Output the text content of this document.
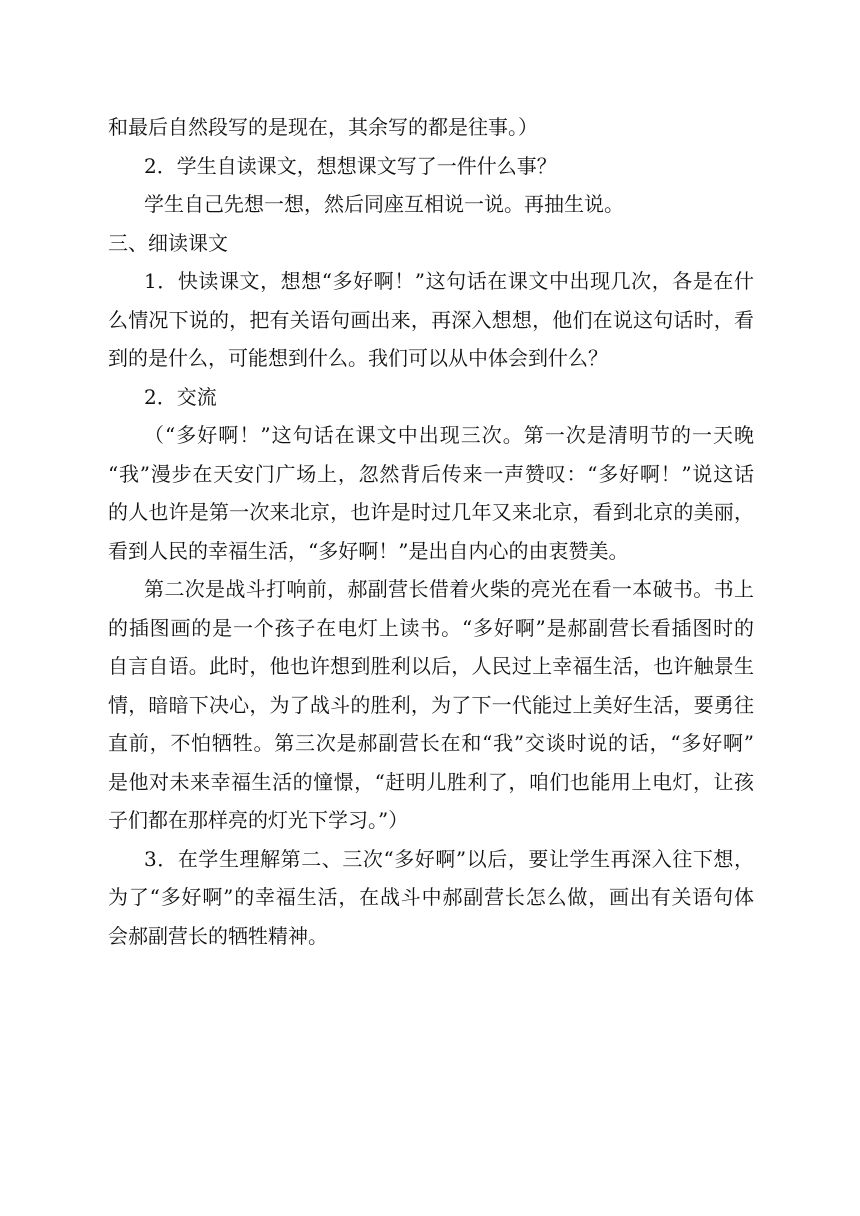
和最后自然段写的是现在，其余写的都是往事。）
2．学生自读课文，想想课文写了一件什么事？
学生自己先想一想，然后同座互相说一说。再抽生说。
三、细读课文
1．快读课文，想想“多好啊！”这句话在课文中出现几次，各是在什
么情况下说的，把有关语句画出来，再深入想想，他们在说这句话时，看
到的是什么，可能想到什么。我们可以从中体会到什么？
2．交流
（“多好啊！”这句话在课文中出现三次。第一次是清明节的一天晚
“我”漫步在天安门广场上，忽然背后传来一声赞叹：“多好啊！”说这话
的人也许是第一次来北京，也许是时过几年又来北京，看到北京的美丽，
看到人民的幸福生活，“多好啊！”是出自内心的由衷赞美。
第二次是战斗打响前，郝副营长借着火柴的亮光在看一本破书。书上
的插图画的是一个孩子在电灯上读书。“多好啊”是郝副营长看插图时的
自言自语。此时，他也许想到胜利以后，人民过上幸福生活，也许触景生
情，暗暗下决心，为了战斗的胜利，为了下一代能过上美好生活，要勇往
直前，不怕牺牲。第三次是郝副营长在和“我”交谈时说的话，“多好啊”
是他对未来幸福生活的憧憬，“赶明儿胜利了，咱们也能用上电灯，让孩
子们都在那样亮的灯光下学习。”）
3．在学生理解第二、三次“多好啊”以后，要让学生再深入往下想，
为了“多好啊”的幸福生活，在战斗中郝副营长怎么做，画出有关语句体
会郝副营长的牺牲精神。
